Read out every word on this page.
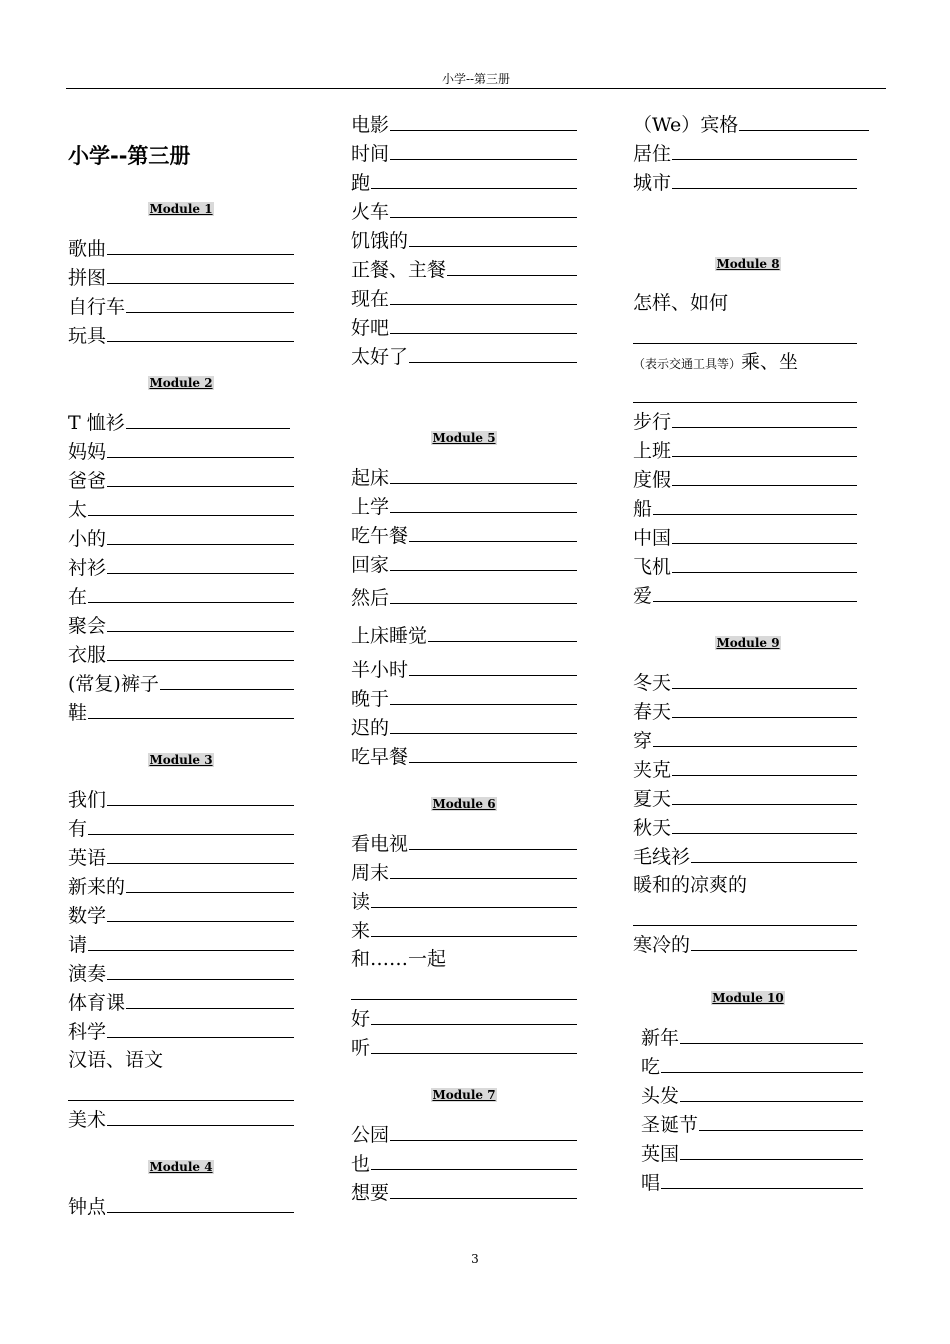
小学--第三册
小学--第三册
Module 1
歌曲
拼图
自行车
玩具
Module 2
T 恤衫
妈妈
爸爸
太
小的
衬衫
在
聚会
衣服
(常复)裤子
鞋
Module 3
我们
有
英语
新来的
数学
请
演奏
体育课
科学
汉语、语文
美术
Module 4
钟点
电影
时间
跑
火车
饥饿的
正餐、主餐
现在
好吧
太好了
Module 5
起床
上学
吃午餐
回家
然后
上床睡觉
半小时
晚于
迟的
吃早餐
Module 6
看电视
周末
读
来
和……一起
好
听
Module 7
公园
也
想要
（We）宾格
居住
城市
Module 8
怎样、如何
（表示交通工具等） 乘、坐
步行
上班
度假
船
中国
飞机
爱
Module 9
冬天
春天
穿
夹克
夏天
秋天
毛线衫
暖和的凉爽的
寒冷的
Module 10
新年
吃
头发
圣诞节
英国
唱
3
